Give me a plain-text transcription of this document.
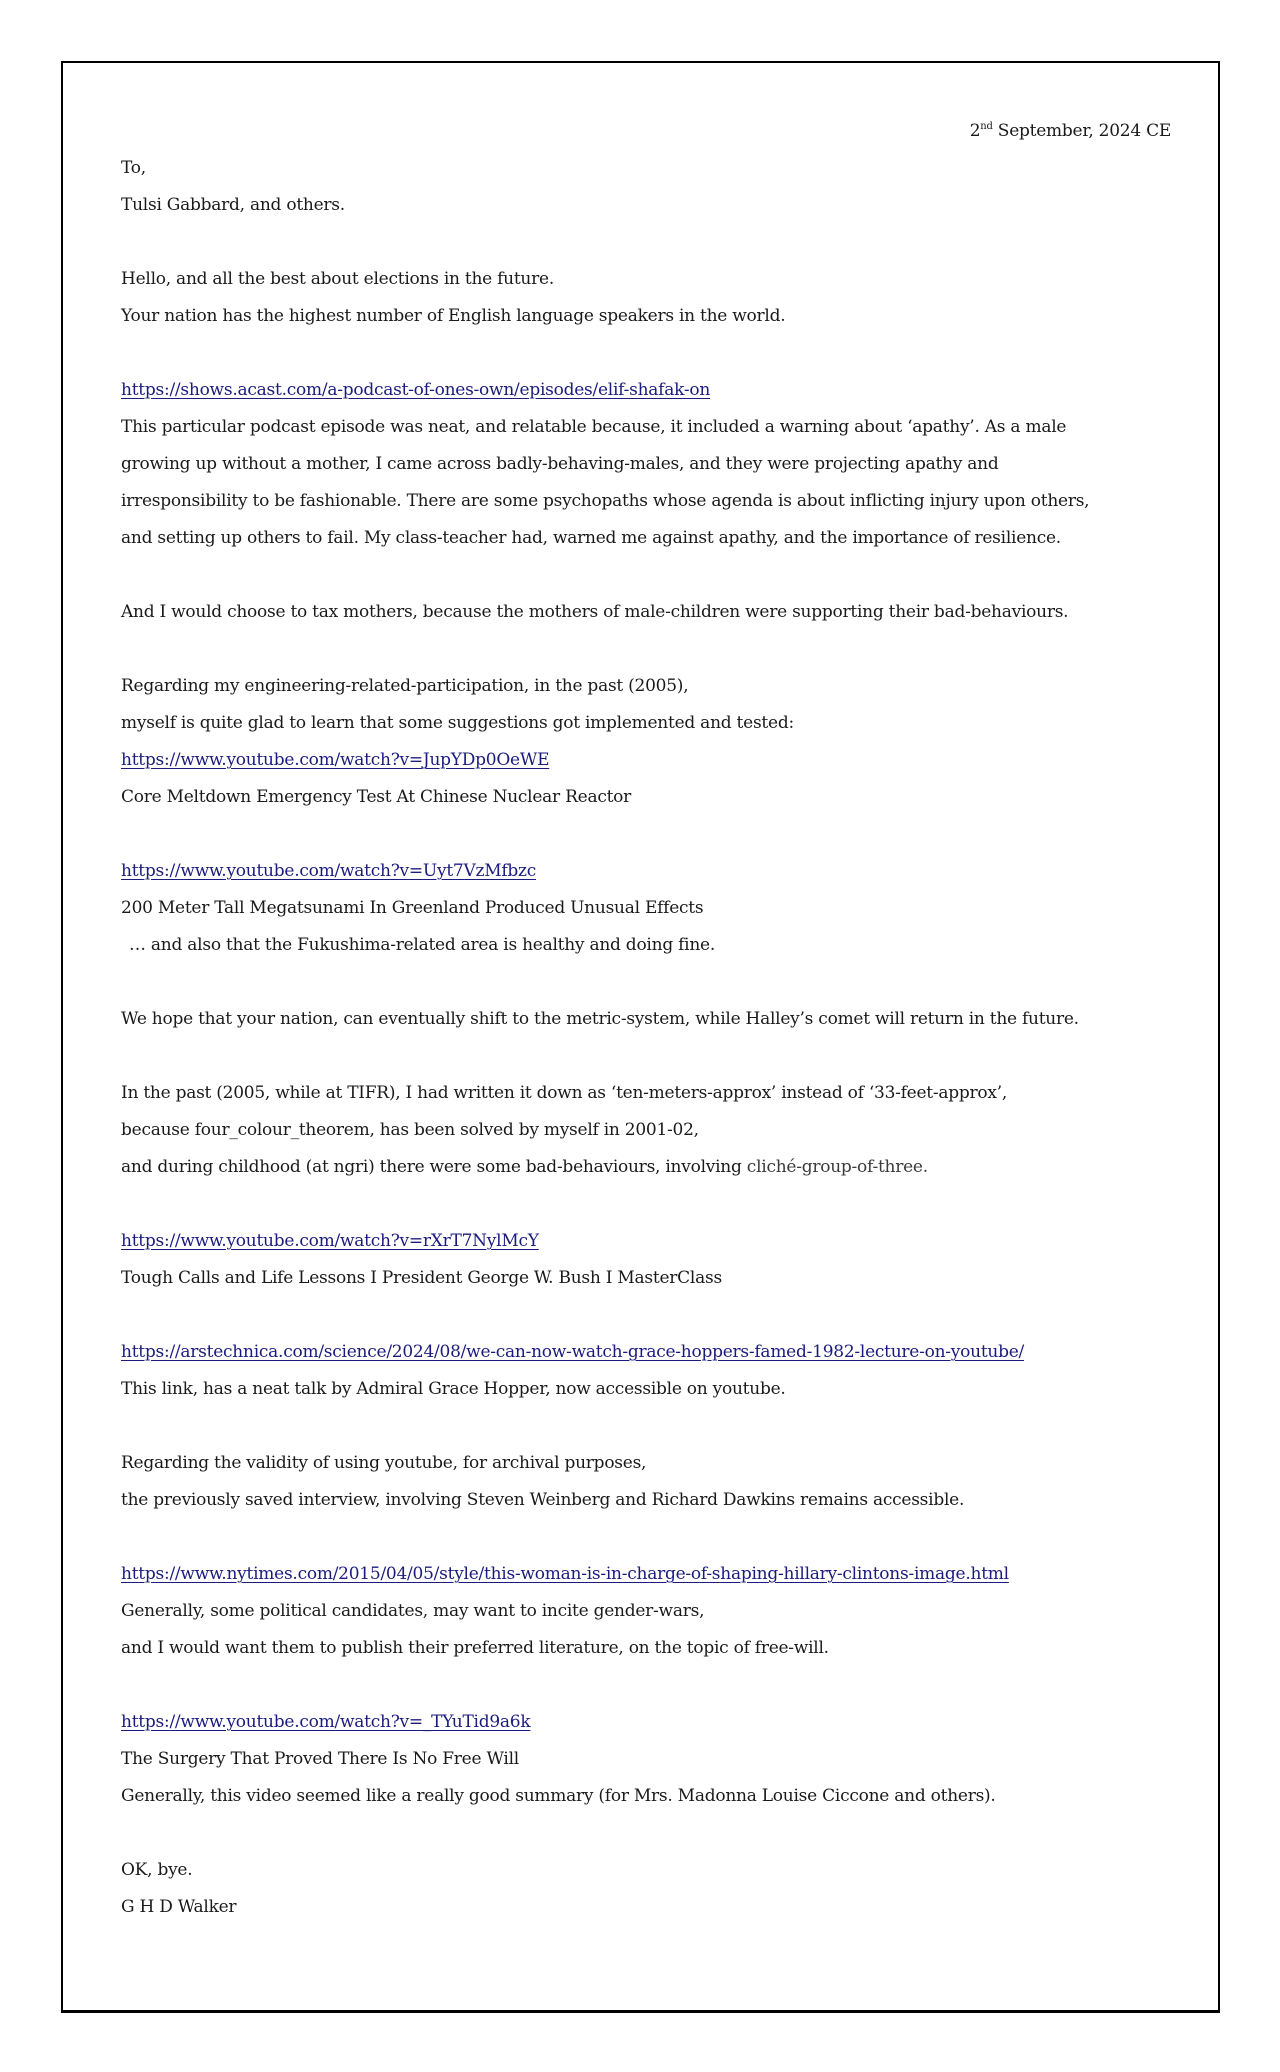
2nd September, 2024 CE
To,
Tulsi Gabbard, and others.
Hello, and all the best about elections in the future.
Your nation has the highest number of English language speakers in the world.
https://shows.acast.com/a-podcast-of-ones-own/episodes/elif-shafak-on
This particular podcast episode was neat, and relatable because, it included a warning about ‘apathy’. As a male
growing up without a mother, I came across badly-behaving-males, and they were projecting apathy and
irresponsibility to be fashionable. There are some psychopaths whose agenda is about inflicting injury upon others,
and setting up others to fail. My class-teacher had, warned me against apathy, and the importance of resilience.
And I would choose to tax mothers, because the mothers of male-children were supporting their bad-behaviours.
Regarding my engineering-related-participation, in the past (2005),
myself is quite glad to learn that some suggestions got implemented and tested:
https://www.youtube.com/watch?v=JupYDp0OeWE
Core Meltdown Emergency Test At Chinese Nuclear Reactor
https://www.youtube.com/watch?v=Uyt7VzMfbzc
200 Meter Tall Megatsunami In Greenland Produced Unusual Effects
… and also that the Fukushima-related area is healthy and doing fine.
We hope that your nation, can eventually shift to the metric-system, while Halley’s comet will return in the future.
In the past (2005, while at TIFR), I had written it down as ‘ten-meters-approx’ instead of ‘33-feet-approx’,
because four_colour_theorem, has been solved by myself in 2001-02,
and during childhood (at ngri) there were some bad-behaviours, involving cliché-group-of-three.
https://www.youtube.com/watch?v=rXrT7NylMcY
Tough Calls and Life Lessons I President George W. Bush I MasterClass
https://arstechnica.com/science/2024/08/we-can-now-watch-grace-hoppers-famed-1982-lecture-on-youtube/
This link, has a neat talk by Admiral Grace Hopper, now accessible on youtube.
Regarding the validity of using youtube, for archival purposes,
the previously saved interview, involving Steven Weinberg and Richard Dawkins remains accessible.
https://www.nytimes.com/2015/04/05/style/this-woman-is-in-charge-of-shaping-hillary-clintons-image.html
Generally, some political candidates, may want to incite gender-wars,
and I would want them to publish their preferred literature, on the topic of free-will.
https://www.youtube.com/watch?v=_TYuTid9a6k
The Surgery That Proved There Is No Free Will
Generally, this video seemed like a really good summary (for Mrs. Madonna Louise Ciccone and others).
OK, bye.
G H D Walker
